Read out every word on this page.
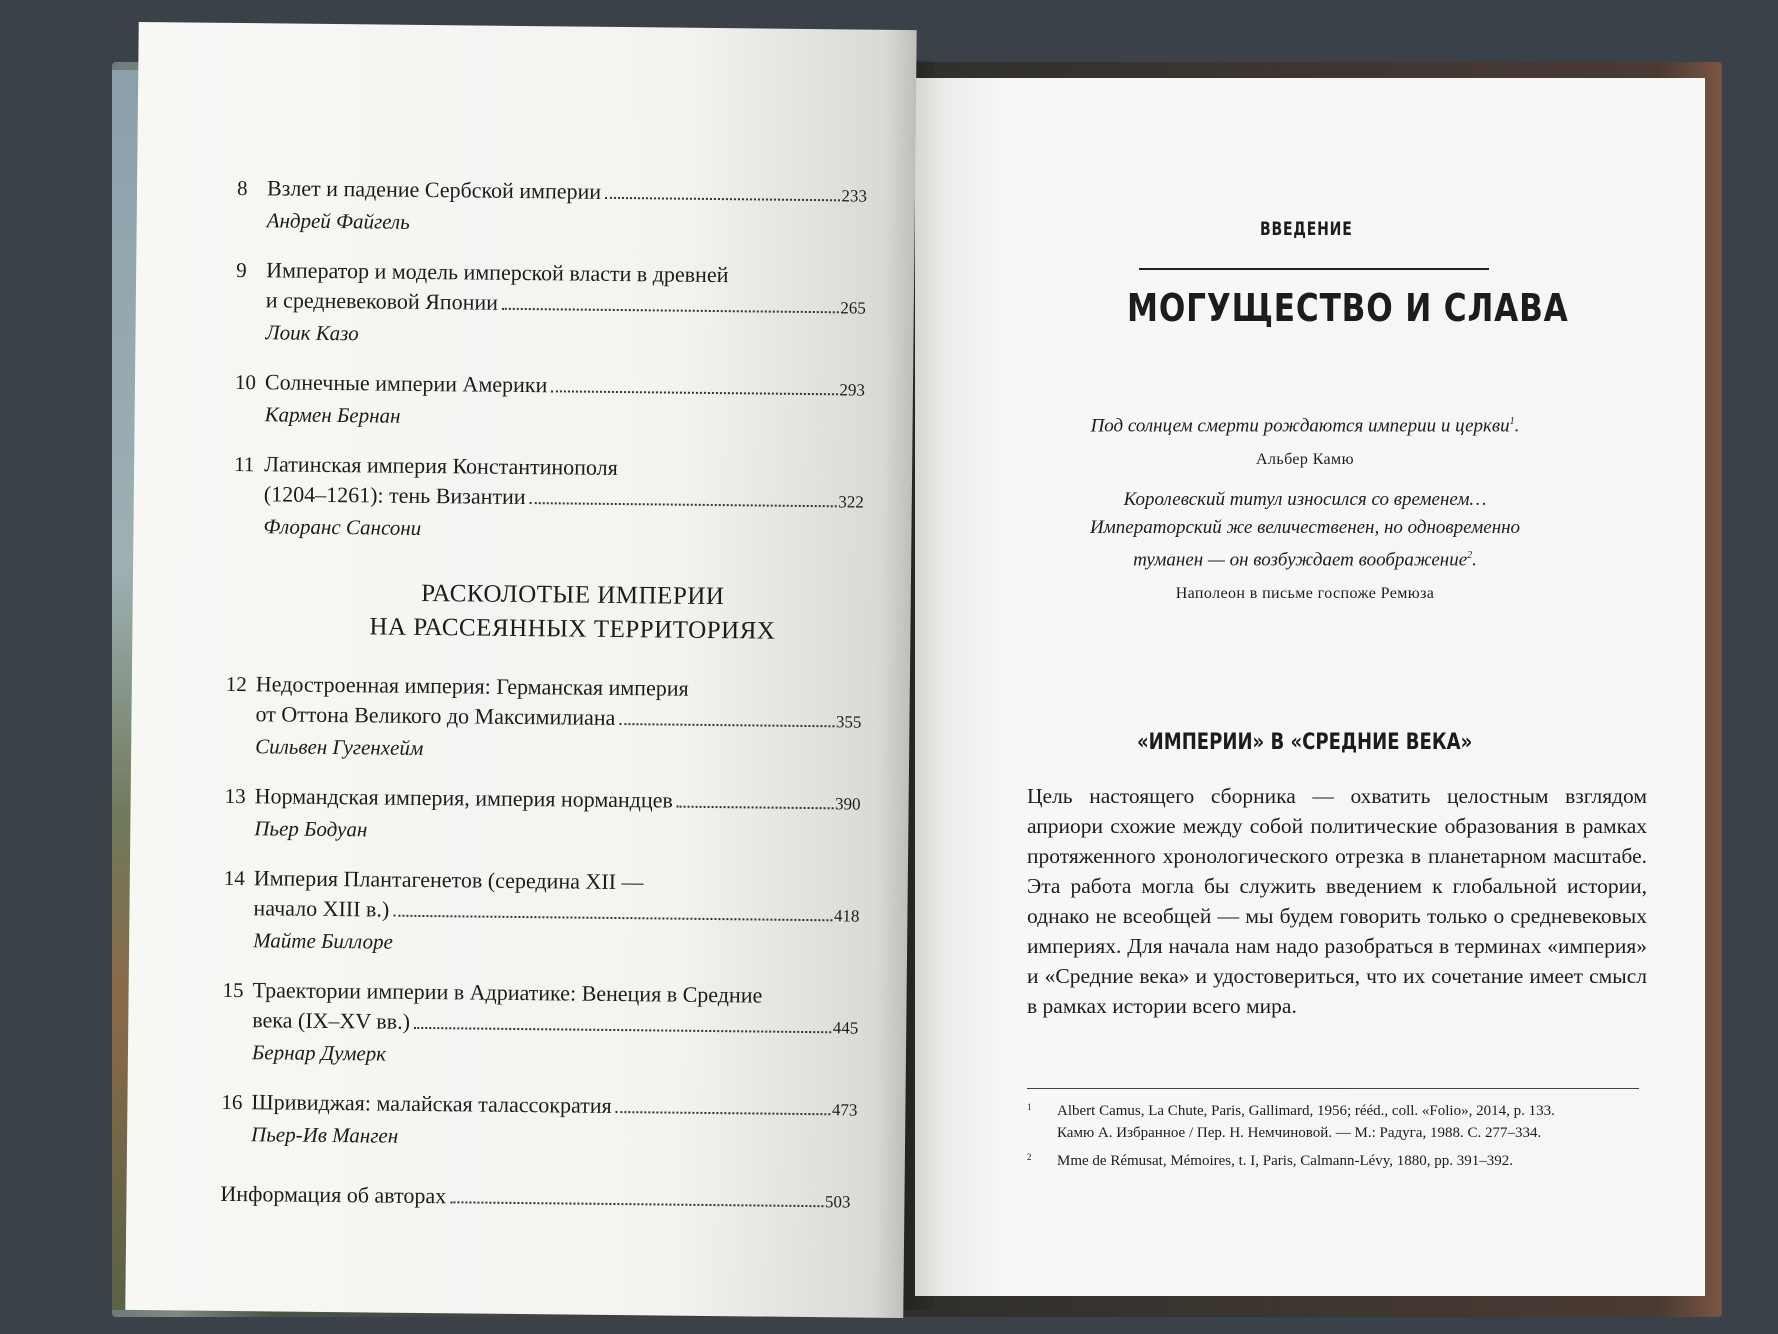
ВВЕДЕНИЕ
МОГУЩЕСТВО И СЛАВА
Под солнцем смерти рождаются империи и церкви$^1$.
Альбер Камю
Королевский титул износился со временем…
Императорский же величественен, но одновременно
туманен — он возбуждает воображение$^2$.
Наполеон в письме госпоже Ремюза
«ИМПЕРИИ» В «СРЕДНИЕ ВЕКА»
Цель настоящего сборника — охватить целостным взглядом априори схожие между собой политические образования в рамках протяженного хронологического отрезка в планетарном масштабе. Эта работа могла бы служить введением к глобальной истории, однако не всеобщей — мы будем говорить только о средневековых империях. Для начала нам надо разобраться в терминах «империя» и «Средние века» и удостовериться, что их сочетание имеет смысл в рамках истории всего мира.
1 Albert Camus, La Chute, Paris, Gallimard, 1956; rééd., coll. «Folio», 2014, p. 133.
Камю А. Избранное / Пер. Н. Немчиновой. — М.: Радуга, 1988. С. 277–334.
2 Mme de Rémusat, Mémoires, t. I, Paris, Calmann-Lévy, 1880, pp. 391–392.
8 Взлет и падение Сербской империи	233
Андрей Файгель
9 Император и модель имперской власти в древней
и средневековой Японии	265
Лоик Казо
10 Солнечные империи Америки	293
Кармен Бернан
11 Латинская империя Константинополя
(1204–1261): тень Византии	322
Флоранс Сансони
РАСКОЛОТЫЕ ИМПЕРИИ
НА РАССЕЯННЫХ ТЕРРИТОРИЯХ
12 Недостроенная империя: Германская империя
от Оттона Великого до Максимилиана	355
Сильвен Гугенхейм
13 Нормандская империя, империя нормандцев	390
Пьер Бодуан
14 Империя Плантагенетов (середина XII —
начало XIII в.)	418
Майте Биллоре
15 Траектории империи в Адриатике: Венеция в Средние
века (IX–XV вв.)	445
Бернар Думерк
16 Шривиджая: малайская талассократия	473
Пьер-Ив Манген
Информация об авторах	503
